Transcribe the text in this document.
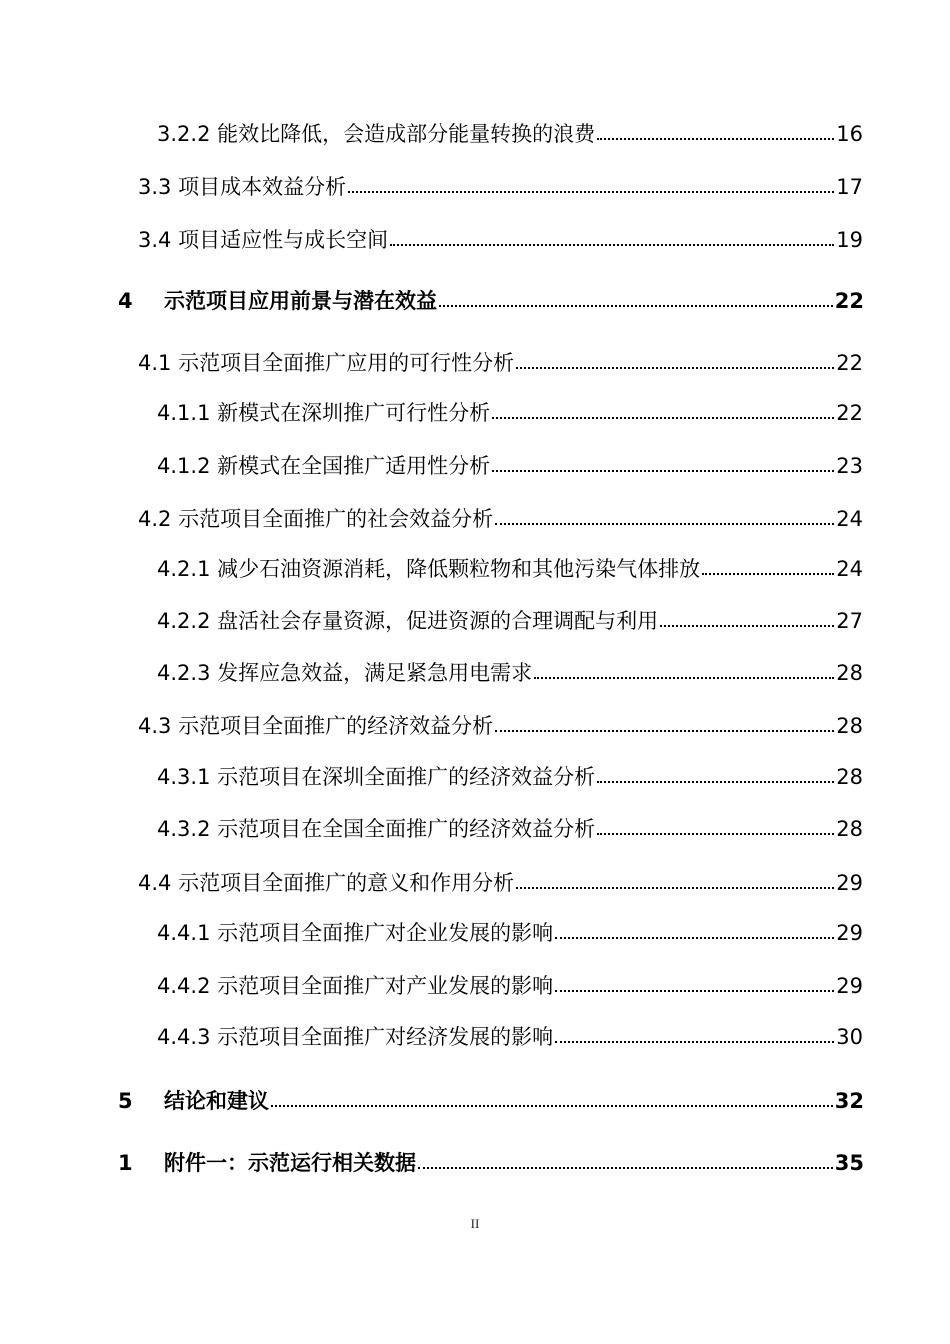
3.2.2 能效比降低，会造成部分能量转换的浪费	16
3.3 项目成本效益分析	17
3.4 项目适应性与成长空间	19
4 示范项目应用前景与潜在效益	22
4.1 示范项目全面推广应用的可行性分析	22
4.1.1 新模式在深圳推广可行性分析	22
4.1.2 新模式在全国推广适用性分析	23
4.2 示范项目全面推广的社会效益分析	24
4.2.1 减少石油资源消耗，降低颗粒物和其他污染气体排放	24
4.2.2 盘活社会存量资源，促进资源的合理调配与利用	27
4.2.3 发挥应急效益，满足紧急用电需求	28
4.3 示范项目全面推广的经济效益分析	28
4.3.1 示范项目在深圳全面推广的经济效益分析	28
4.3.2 示范项目在全国全面推广的经济效益分析	28
4.4 示范项目全面推广的意义和作用分析	29
4.4.1 示范项目全面推广对企业发展的影响	29
4.4.2 示范项目全面推广对产业发展的影响	29
4.4.3 示范项目全面推广对经济发展的影响	30
5 结论和建议	32
1 附件一：示范运行相关数据	35
II
